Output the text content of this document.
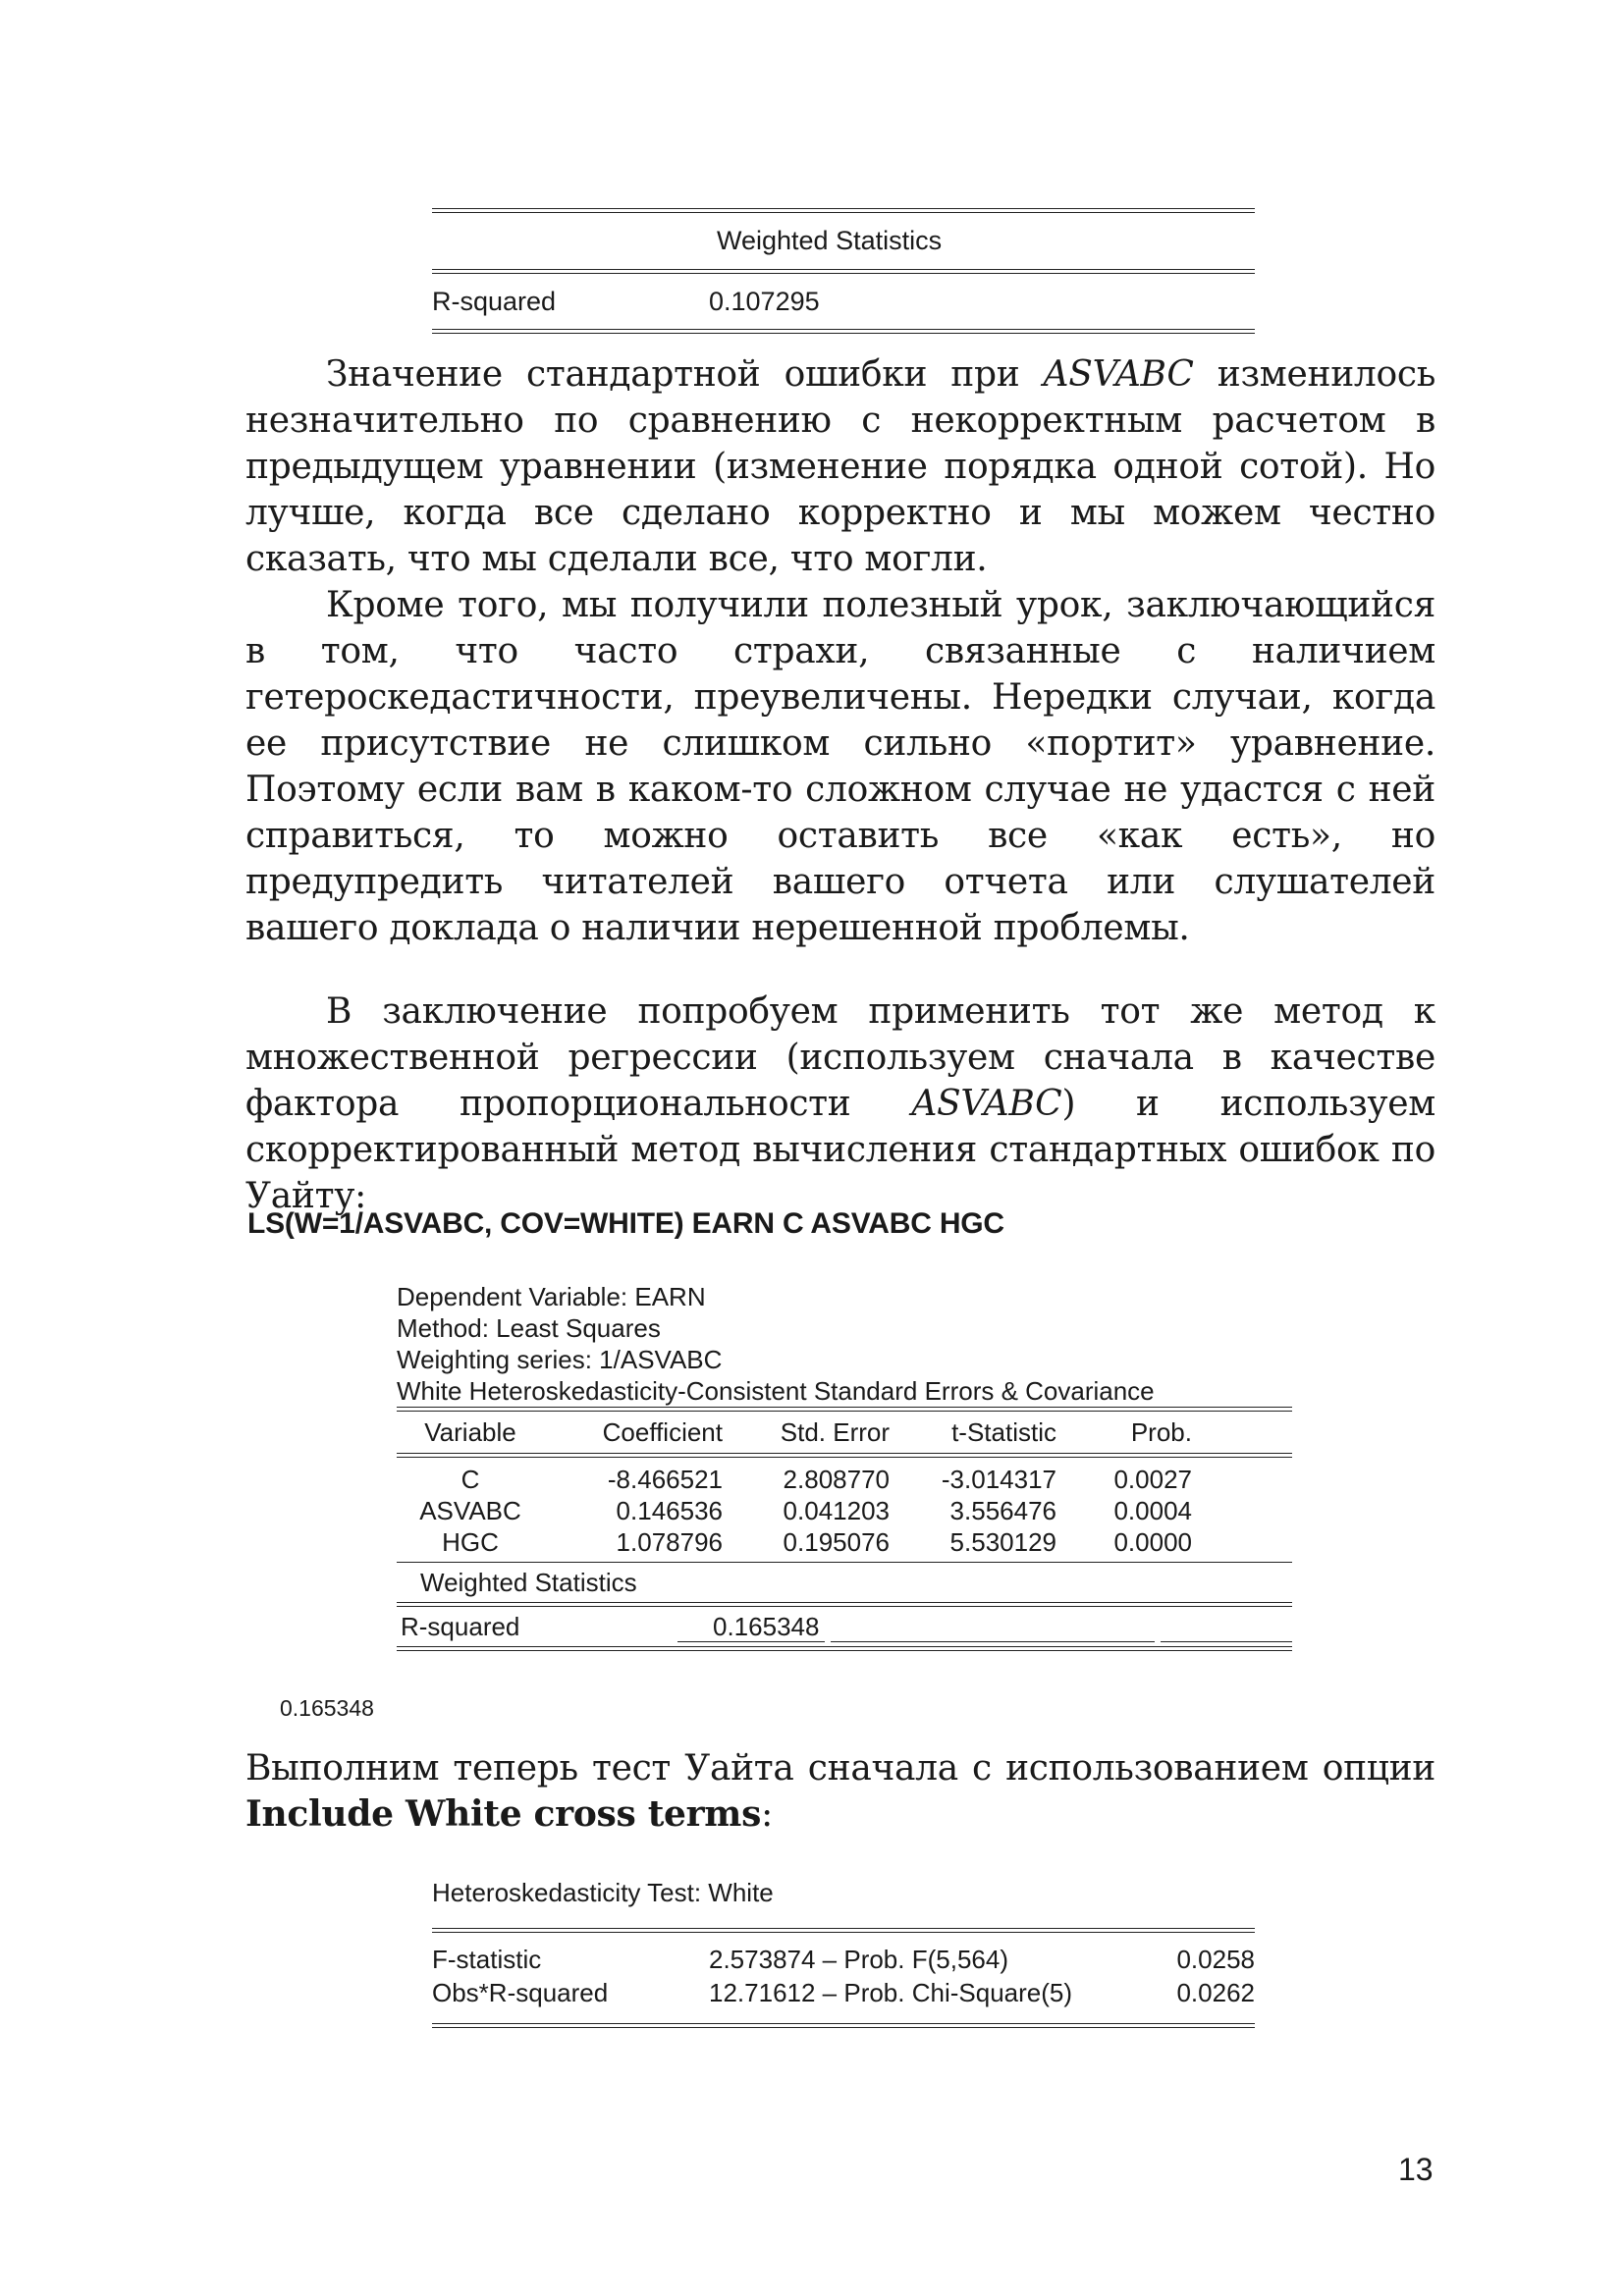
Weighted Statistics
R-squared	0.107295

Значение стандартной ошибки при ASVABC изменилось незначительно по сравнению с некорректным расчетом в предыдущем уравнении (изменение порядка одной сотой). Но лучше, когда все сделано корректно и мы можем честно сказать, что мы сделали все, что могли.

Кроме того, мы получили полезный урок, заключающийся в том, что часто страхи, связанные с наличием гетероскедастичности, преувеличены. Нередки случаи, когда ее присутствие не слишком сильно «портит» уравнение. Поэтому если вам в каком-то сложном случае не удастся с ней справиться, то можно оставить все «как есть», но предупредить читателей вашего отчета или слушателей вашего доклада о наличии нерешенной проблемы.

В заключение попробуем применить тот же метод к множественной регрессии (используем сначала в качестве фактора пропорциональности ASVABC) и используем скорректированный метод вычисления стандартных ошибок по Уайту:

LS(W=1/ASVABC, COV=WHITE) EARN C ASVABC HGC
Dependent Variable: EARN
Method: Least Squares
Weighting series: 1/ASVABC
White Heteroskedasticity-Consistent Standard Errors & Covariance
Variable	Coefficient	Std. Error	t-Statistic	Prob.
C	-8.466521	2.808770	-3.014317	0.0027
ASVABC	0.146536	0.041203	3.556476	0.0004
HGC	1.078796	0.195076	5.530129	0.0000
Weighted Statistics
R-squared	0.165348
0.165348

Выполним теперь тест Уайта сначала с использованием опции Include White cross terms:

Heteroskedasticity Test: White
F-statistic	2.573874 – Prob. F(5,564)	0.0258
Obs*R-squared	12.71612 – Prob. Chi-Square(5)	0.0262
13
